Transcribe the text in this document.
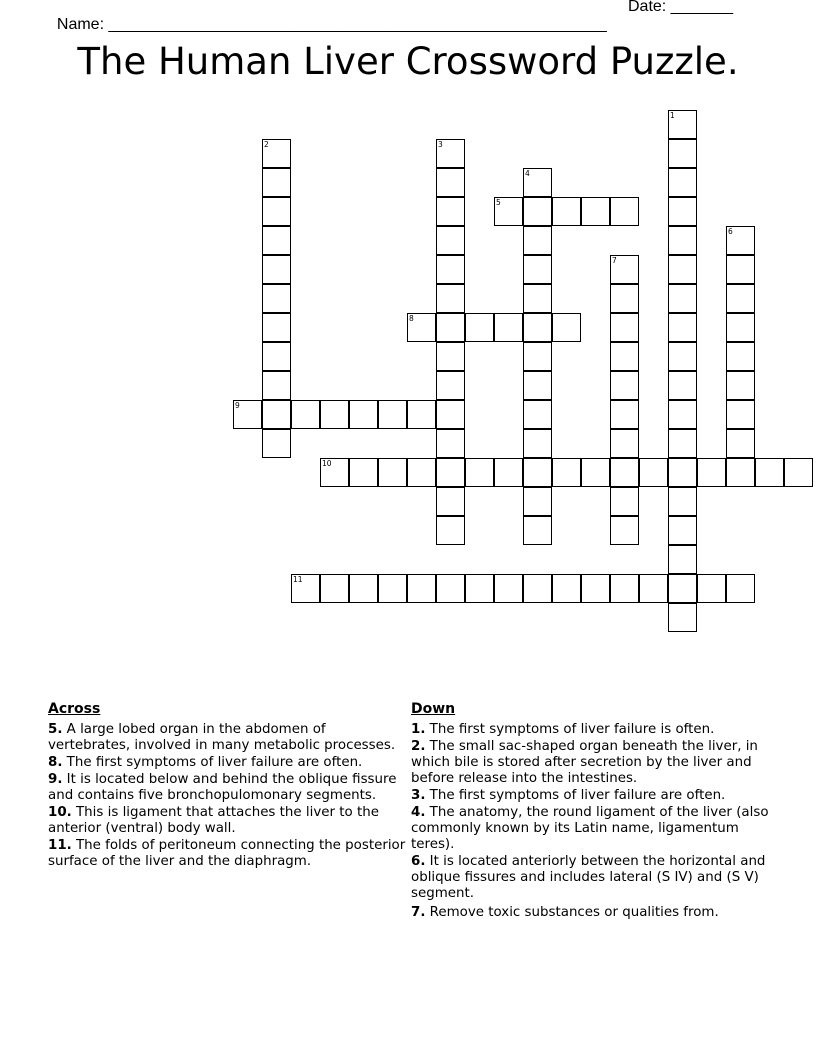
Name: ________________________________________________________

Date: _______

The Human Liver Crossword Puzzle.
1
2	3
4
5
6
7
8
9
10
11
Across
5. A large lobed organ in the abdomen of vertebrates, involved in many metabolic processes.
8. The first symptoms of liver failure are often.
9. It is located below and behind the oblique fissure and contains five bronchopulomonary segments.
10. This is ligament that attaches the liver to the anterior (ventral) body wall.
11. The folds of peritoneum connecting the posterior surface of the liver and the diaphragm.
Down
1. The first symptoms of liver failure is often.
2. The small sac-shaped organ beneath the liver, in which bile is stored after secretion by the liver and before release into the intestines.
3. The first symptoms of liver failure are often.
4. The anatomy, the round ligament of the liver (also commonly known by its Latin name, ligamentum teres).
6. It is located anteriorly between the horizontal and oblique fissures and includes lateral (S IV) and (S V) segment.
7. Remove toxic substances or qualities from.
